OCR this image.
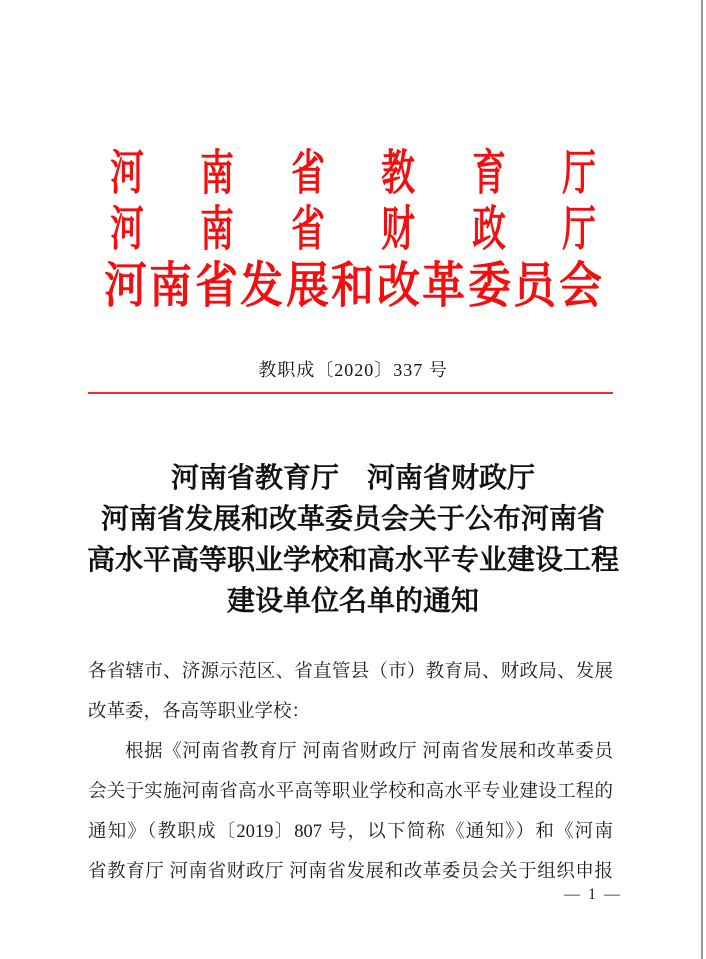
河 南 省 教 育 厅
河 南 省 财 政 厅
河 南 省 发 展 和 改 革 委 员 会
教职成〔2020〕337 号
河南省教育厅　河南省财政厅
河南省发展和改革委员会关于公布河南省
高水平高等职业学校和高水平专业建设工程
建设单位名单的通知
各省辖市、济源示范区、省直管县（市）教育局、财政局、发展
改革委，各高等职业学校：
根据《河南省教育厅 河南省财政厅 河南省发展和改革委员
会关于实施河南省高水平高等职业学校和高水平专业建设工程的
通知》（教职成〔2019〕807 号，以下简称《通知》）和《河南
省教育厅 河南省财政厅 河南省发展和改革委员会关于组织申报
— 1 —
